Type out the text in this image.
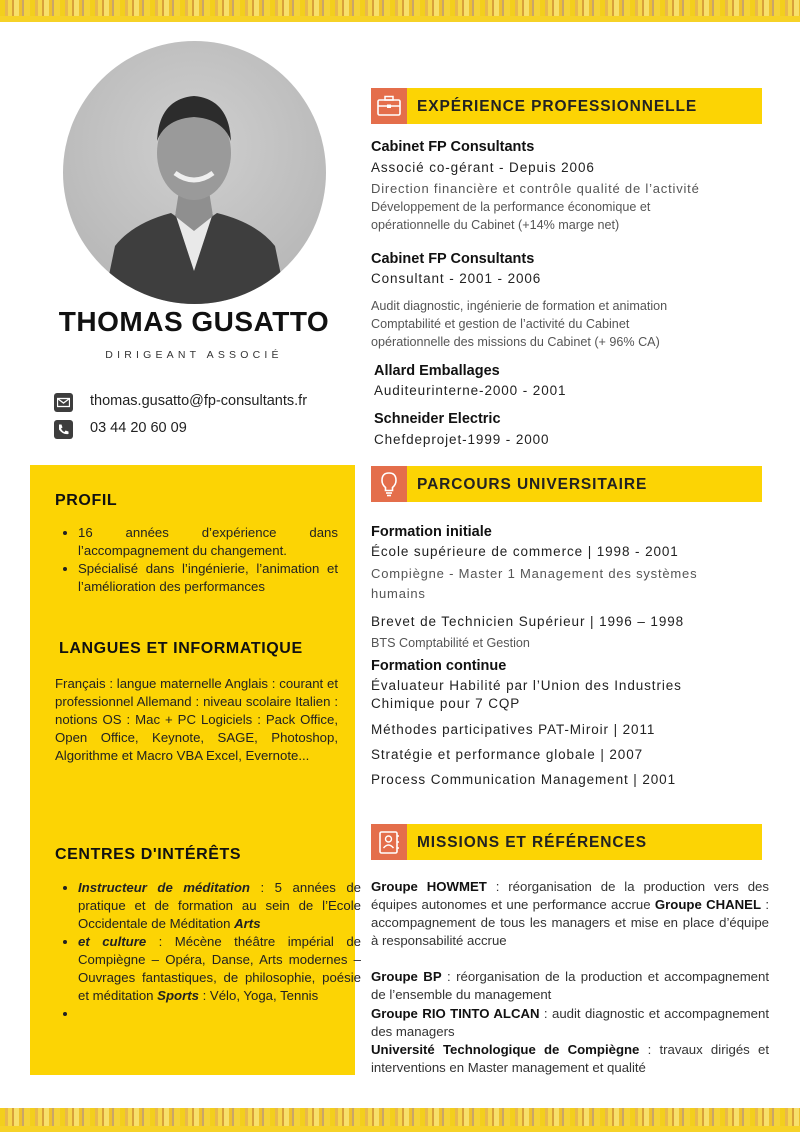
THOMAS GUSATTO
DIRIGEANT ASSOCIÉ
thomas.gusatto@fp-consultants.fr
03 44 20 60 09
PROFIL
• 16 années d’expérience dans l’accompagnement du changement.
• Spécialisé dans l’ingénierie, l’animation et l’amélioration des performances
LANGUES ET INFORMATIQUE
Français : langue maternelle Anglais : courant et professionnel Allemand : niveau scolaire Italien : notions OS : Mac + PC Logiciels : Pack Office, Open Office, Keynote, SAGE, Photoshop, Algorithme et Macro VBA Excel, Evernote...
CENTRES D'INTÉRÊTS
• Instructeur de méditation : 5 années de pratique et de formation au sein de l’Ecole Occidentale de Méditation Arts
• et culture : Mécène théâtre impérial de Compiègne – Opéra, Danse, Arts modernes – Ouvrages fantastiques, de philosophie, poésie et méditation Sports : Vélo, Yoga, Tennis
•
EXPÉRIENCE PROFESSIONNELLE
Cabinet FP Consultants
Associé co-gérant - Depuis 2006
Direction financière et contrôle qualité de l’activité
Développement de la performance économique et
opérationnelle du Cabinet (+14% marge net)
Cabinet FP Consultants
Consultant - 2001 - 2006
Audit diagnostic, ingénierie de formation et animation
Comptabilité et gestion de l’activité du Cabinet
opérationnelle des missions du Cabinet (+ 96% CA)
Allard Emballages
Auditeurinterne-2000 - 2001
Schneider Electric
Chefdeprojet-1999 - 2000
PARCOURS UNIVERSITAIRE
Formation initiale
École supérieure de commerce | 1998 - 2001
Compiègne - Master 1 Management des systèmes
humains
Brevet de Technicien Supérieur | 1996 – 1998
BTS Comptabilité et Gestion
Formation continue
Évaluateur Habilité par l’Union des Industries
Chimique pour 7 CQP
Méthodes participatives PAT-Miroir | 2011
Stratégie et performance globale | 2007
Process Communication Management | 2001
MISSIONS ET RÉFÉRENCES
Groupe HOWMET : réorganisation de la production vers des équipes autonomes et une performance accrue Groupe CHANEL : accompagnement de tous les managers et mise en place d’équipe à responsabilité accrue
Groupe BP : réorganisation de la production et accompagnement de l’ensemble du management
Groupe RIO TINTO ALCAN : audit diagnostic et accompagnement des managers
Université Technologique de Compiègne : travaux dirigés et interventions en Master management et qualité
